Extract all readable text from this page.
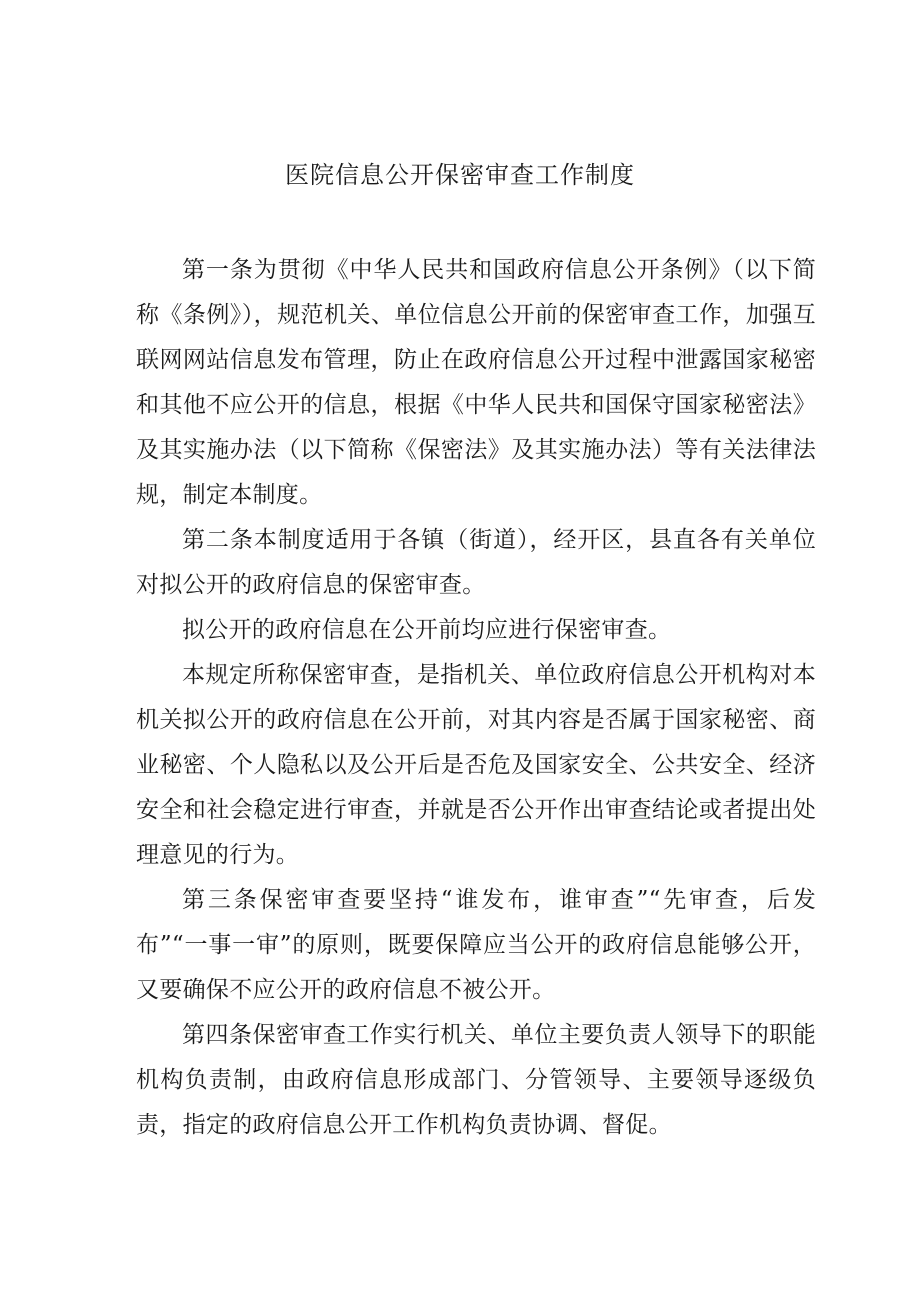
医院信息公开保密审查工作制度

第一条为贯彻《中华人民共和国政府信息公开条例》（以下简称《条例》），规范机关、单位信息公开前的保密审查工作，加强互联网网站信息发布管理，防止在政府信息公开过程中泄露国家秘密和其他不应公开的信息，根据《中华人民共和国保守国家秘密法》及其实施办法（以下简称《保密法》及其实施办法）等有关法律法规，制定本制度。

第二条本制度适用于各镇（街道），经开区，县直各有关单位对拟公开的政府信息的保密审查。

拟公开的政府信息在公开前均应进行保密审查。

本规定所称保密审查，是指机关、单位政府信息公开机构对本机关拟公开的政府信息在公开前，对其内容是否属于国家秘密、商业秘密、个人隐私以及公开后是否危及国家安全、公共安全、经济安全和社会稳定进行审查，并就是否公开作出审查结论或者提出处理意见的行为。

第三条保密审查要坚持“谁发布，谁审查”“先审查，后发布”“一事一审”的原则，既要保障应当公开的政府信息能够公开，又要确保不应公开的政府信息不被公开。

第四条保密审查工作实行机关、单位主要负责人领导下的职能机构负责制，由政府信息形成部门、分管领导、主要领导逐级负责，指定的政府信息公开工作机构负责协调、督促。
